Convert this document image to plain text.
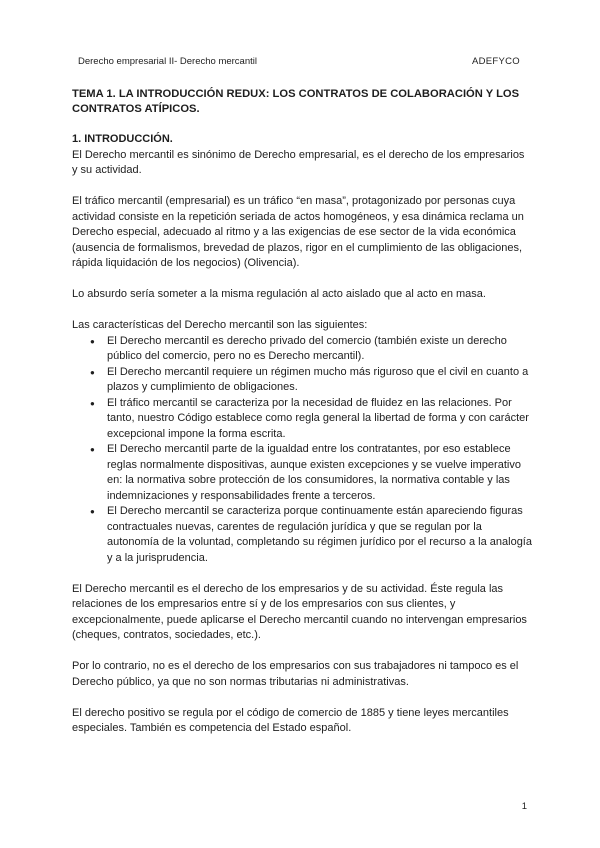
Derecho empresarial II- Derecho mercantil	ADEFYCO
TEMA 1. LA INTRODUCCIÓN REDUX: LOS CONTRATOS DE COLABORACIÓN Y LOS CONTRATOS ATÍPICOS.
1. INTRODUCCIÓN.

El Derecho mercantil es sinónimo de Derecho empresarial, es el derecho de los empresarios y su actividad.

El tráfico mercantil (empresarial) es un tráfico “en masa”, protagonizado por personas cuya actividad consiste en la repetición seriada de actos homogéneos, y esa dinámica reclama un Derecho especial, adecuado al ritmo y a las exigencias de ese sector de la vida económica (ausencia de formalismos, brevedad de plazos, rigor en el cumplimiento de las obligaciones, rápida liquidación de los negocios) (Olivencia).

Lo absurdo sería someter a la misma regulación al acto aislado que al acto en masa.

Las características del Derecho mercantil son las siguientes:
● El Derecho mercantil es derecho privado del comercio (también existe un derecho público del comercio, pero no es Derecho mercantil).
● El Derecho mercantil requiere un régimen mucho más riguroso que el civil en cuanto a plazos y cumplimiento de obligaciones.
● El tráfico mercantil se caracteriza por la necesidad de fluidez en las relaciones. Por tanto, nuestro Código establece como regla general la libertad de forma y con carácter excepcional impone la forma escrita.
● El Derecho mercantil parte de la igualdad entre los contratantes, por eso establece reglas normalmente dispositivas, aunque existen excepciones y se vuelve imperativo en: la normativa sobre protección de los consumidores, la normativa contable y las indemnizaciones y responsabilidades frente a terceros.
● El Derecho mercantil se caracteriza porque continuamente están apareciendo figuras contractuales nuevas, carentes de regulación jurídica y que se regulan por la autonomía de la voluntad, completando su régimen jurídico por el recurso a la analogía y a la jurisprudencia.

El Derecho mercantil es el derecho de los empresarios y de su actividad. Éste regula las relaciones de los empresarios entre sí y de los empresarios con sus clientes, y excepcionalmente, puede aplicarse el Derecho mercantil cuando no intervengan empresarios (cheques, contratos, sociedades, etc.).

Por lo contrario, no es el derecho de los empresarios con sus trabajadores ni tampoco es el Derecho público, ya que no son normas tributarias ni administrativas.

El derecho positivo se regula por el código de comercio de 1885 y tiene leyes mercantiles especiales. También es competencia del Estado español.

1
